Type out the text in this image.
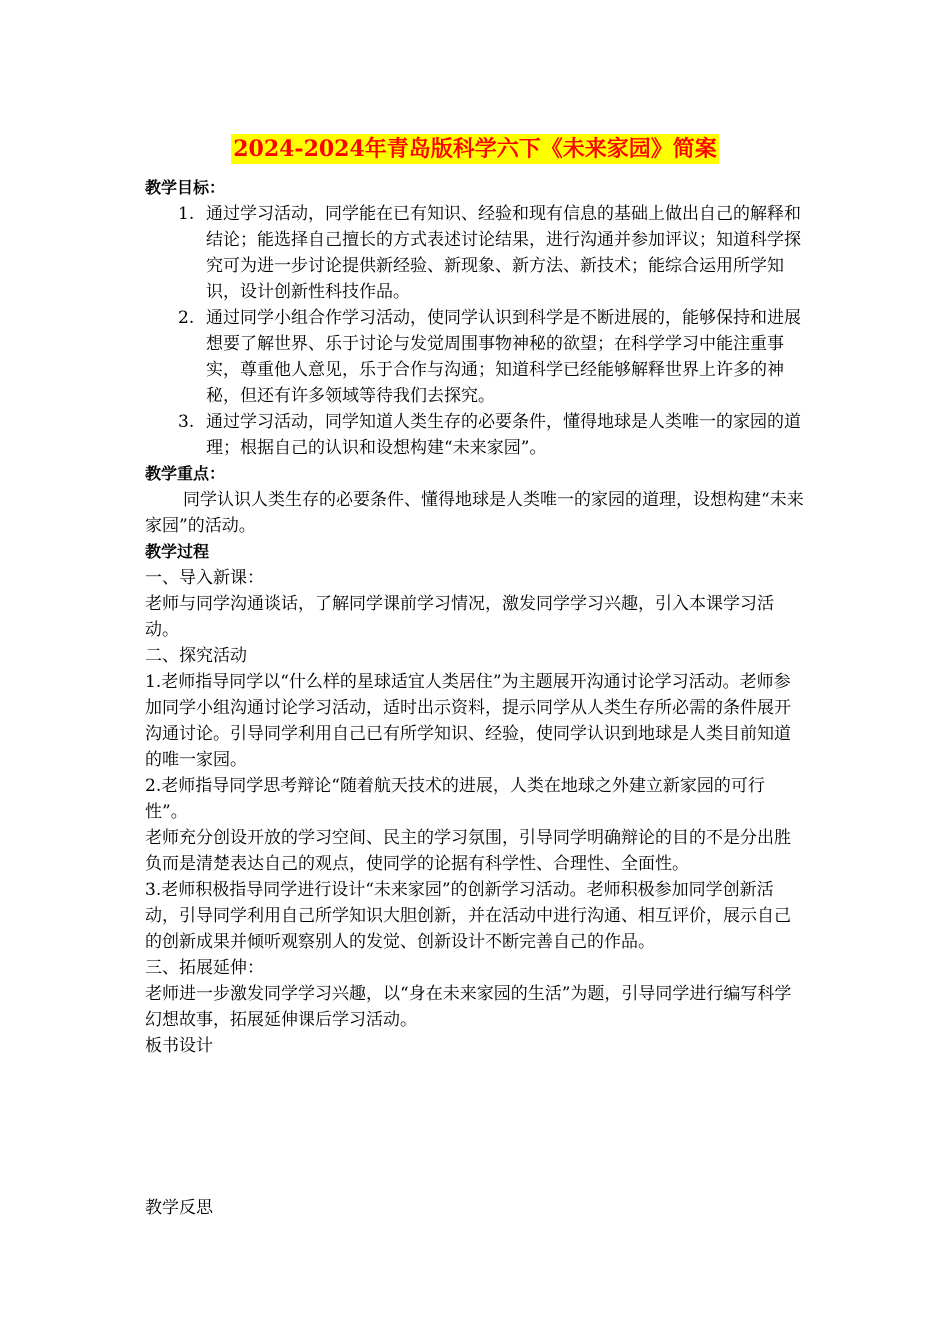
2024-2024年青岛版科学六下《未来家园》简案

教学目标：

1. 通过学习活动，同学能在已有知识、经验和现有信息的基础上做出自己的解释和结论；能选择自己擅长的方式表述讨论结果，进行沟通并参加评议；知道科学探究可为进一步讨论提供新经验、新现象、新方法、新技术；能综合运用所学知识，设计创新性科技作品。
2. 通过同学小组合作学习活动，使同学认识到科学是不断进展的，能够保持和进展想要了解世界、乐于讨论与发觉周围事物神秘的欲望；在科学学习中能注重事实，尊重他人意见，乐于合作与沟通；知道科学已经能够解释世界上许多的神秘，但还有许多领域等待我们去探究。
3. 通过学习活动，同学知道人类生存的必要条件，懂得地球是人类唯一的家园的道理；根据自己的认识和设想构建“未来家园”。

教学重点：

同学认识人类生存的必要条件、懂得地球是人类唯一的家园的道理，设想构建“未来家园”的活动。

教学过程

一、导入新课：

老师与同学沟通谈话，了解同学课前学习情况，激发同学学习兴趣，引入本课学习活动。

二、探究活动

1.老师指导同学以“什么样的星球适宜人类居住”为主题展开沟通讨论学习活动。老师参加同学小组沟通讨论学习活动，适时出示资料，提示同学从人类生存所必需的条件展开沟通讨论。引导同学利用自己已有所学知识、经验，使同学认识到地球是人类目前知道的唯一家园。

2.老师指导同学思考辩论“随着航天技术的进展，人类在地球之外建立新家园的可行性”。

老师充分创设开放的学习空间、民主的学习氛围，引导同学明确辩论的目的不是分出胜负而是清楚表达自己的观点，使同学的论据有科学性、合理性、全面性。

3.老师积极指导同学进行设计“未来家园”的创新学习活动。老师积极参加同学创新活动，引导同学利用自己所学知识大胆创新，并在活动中进行沟通、相互评价，展示自己的创新成果并倾听观察别人的发觉、创新设计不断完善自己的作品。

三、拓展延伸：

老师进一步激发同学学习兴趣，以“身在未来家园的生活”为题，引导同学进行编写科学幻想故事，拓展延伸课后学习活动。

板书设计

教学反思
